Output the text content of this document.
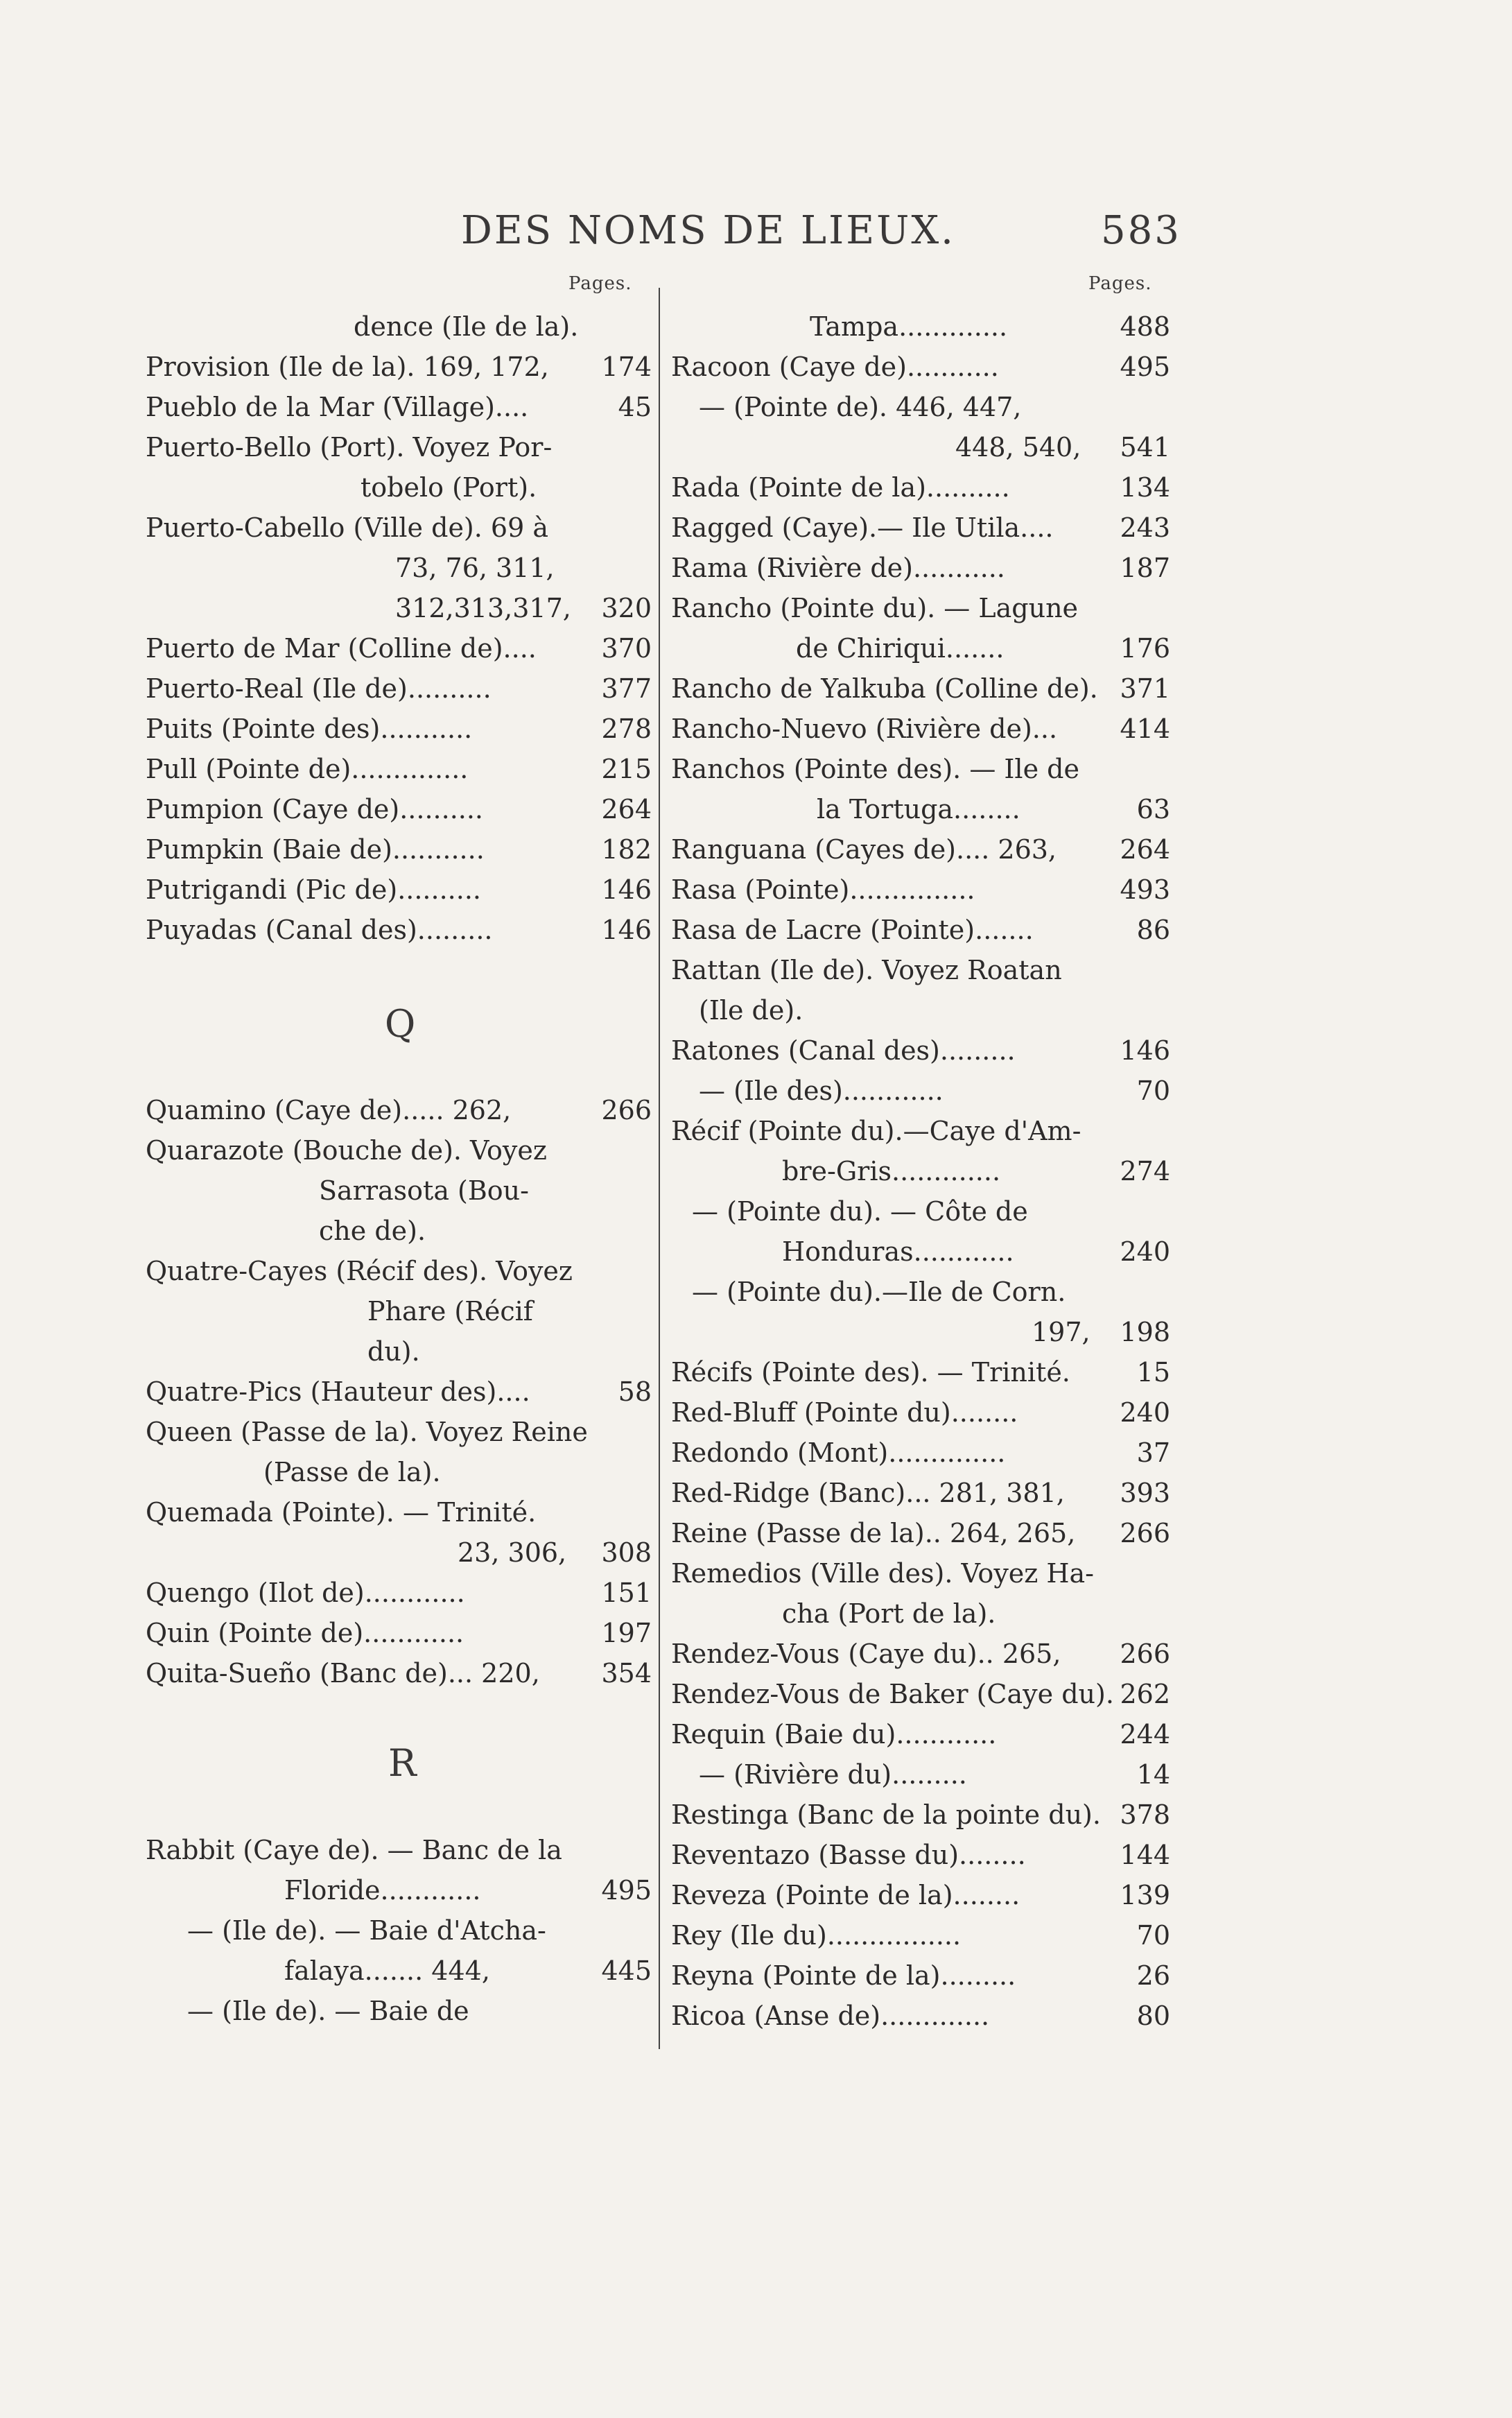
DES NOMS DE LIEUX.	583
Pages.	Pages.
dence (Ile de la).
Provision (Ile de la). 169, 172,	174
Pueblo de la Mar (Village)....	45
Puerto-Bello (Port). Voyez Por-
tobelo (Port).
Puerto-Cabello (Ville de). 69 à
73, 76, 311,
312,313,317,	320
Puerto de Mar (Colline de)....	370
Puerto-Real (Ile de)..........	377
Puits (Pointe des)...........	278
Pull (Pointe de)..............	215
Pumpion (Caye de)..........	264
Pumpkin (Baie de)...........	182
Putrigandi (Pic de)..........	146
Puyadas (Canal des).........	146
Quamino (Caye de)..... 262,	266
Quarazote (Bouche de). Voyez
Sarrasota (Bou-
che de).
Quatre-Cayes (Récif des). Voyez
Phare (Récif
du).
Quatre-Pics (Hauteur des)....	58
Queen (Passe de la). Voyez Reine
(Passe de la).
Quemada (Pointe). — Trinité.
23, 306,	308
Quengo (Ilot de)............	151
Quin (Pointe de)............	197
Quita-Sueño (Banc de)... 220,	354
Rabbit (Caye de). — Banc de la
Floride............	495
— (Ile de). — Baie d'Atcha-
falaya....... 444,	445
— (Ile de). — Baie de
Tampa.............	488
Racoon (Caye de)...........	495
— (Pointe de). 446, 447,
448, 540,	541
Rada (Pointe de la)..........	134
Ragged (Caye).— Ile Utila....	243
Rama (Rivière de)...........	187
Rancho (Pointe du). — Lagune
de Chiriqui.......	176
Rancho de Yalkuba (Colline de). 371
Rancho-Nuevo (Rivière de)...	414
Ranchos (Pointe des). — Ile de
la Tortuga........	63
Ranguana (Cayes de).... 263,	264
Rasa (Pointe)...............	493
Rasa de Lacre (Pointe).......	86
Rattan (Ile de). Voyez Roatan
(Ile de).
Ratones (Canal des).........	146
— (Ile des)............	70
Récif (Pointe du).—Caye d'Am-
bre-Gris.............	274
— (Pointe du). — Côte de
Honduras............	240
— (Pointe du).—Ile de Corn.
197,	198
Récifs (Pointe des). — Trinité.	15
Red-Bluff (Pointe du)........	240
Redondo (Mont)..............	37
Red-Ridge (Banc)... 281, 381,	393
Reine (Passe de la).. 264, 265,	266
Remedios (Ville des). Voyez Ha-
cha (Port de la).
Rendez-Vous (Caye du).. 265,	266
Rendez-Vous de Baker (Caye du). 262
Requin (Baie du)............	244
— (Rivière du).........	14
Restinga (Banc de la pointe du). 378
Reventazo (Basse du)........	144
Reveza (Pointe de la)........	139
Rey (Ile du)................	70
Reyna (Pointe de la).........	26
Ricoa (Anse de).............	80
Q
R
